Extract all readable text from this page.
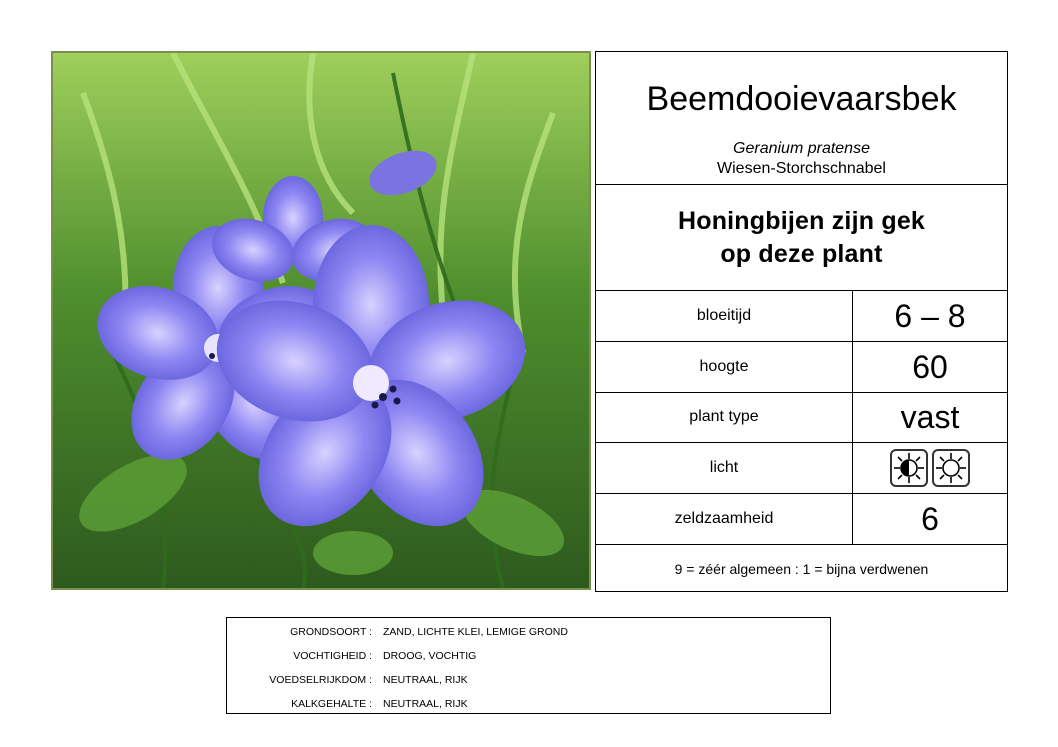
Beemdooievaarsbek
Geranium pratense
Wiesen-Storchschnabel
Honingbijen zijn gek
op deze plant
bloeitijd	6 – 8
hoogte	60
plant type	vast
licht
zeldzaamheid	6
9 = zéér algemeen : 1 = bijna verdwenen
GRONDSOORT : ZAND, LICHTE KLEI, LEMIGE GROND
VOCHTIGHEID : DROOG, VOCHTIG
VOEDSELRIJKDOM : NEUTRAAL, RIJK
KALKGEHALTE : NEUTRAAL, RIJK
